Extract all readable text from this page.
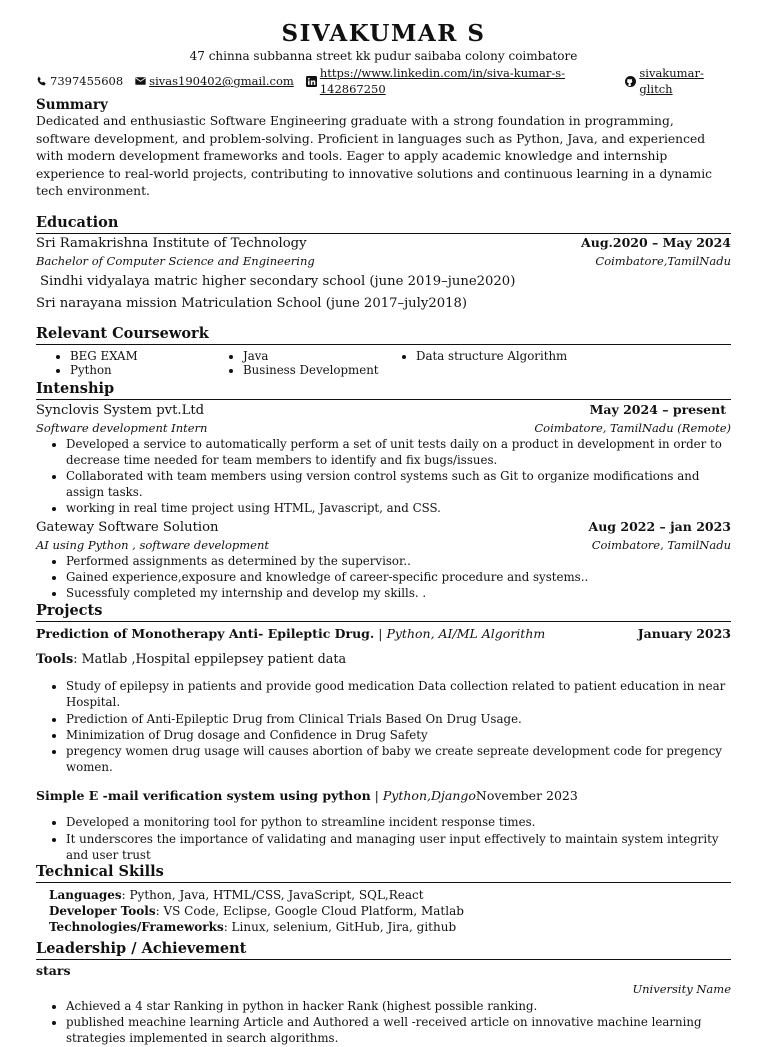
SIVAKUMAR S
47 chinna subbanna street kk pudur saibaba colony coimbatore
7397455608 sivas190402@gmail.com
https://www.linkedin.com/in/siva-kumar-s-142867250
sivakumar-glitch
Summary

Dedicated and enthusiastic Software Engineering graduate with a strong foundation in programming, software development, and problem-solving. Proficient in languages such as Python, Java, and experienced with modern development frameworks and tools. Eager to apply academic knowledge and internship experience to real-world projects, contributing to innovative solutions and continuous learning in a dynamic tech environment.

Education
Sri Ramakrishna Institute of Technology	Aug.2020 – May 2024
Bachelor of Computer Science and Engineering	Coimbatore,TamilNadu
Sindhi vidyalaya matric higher secondary school (june 2019–june2020)
Sri narayana mission Matriculation School (june 2017–july2018)
Relevant Coursework
• BEG EXAM
• Python
• Java
• Business Development
• Data structure Algorithm
Intenship
Synclovis System pvt.Ltd	May 2024 – present
Software development Intern	Coimbatore, TamilNadu (Remote)
• Developed a service to automatically perform a set of unit tests daily on a product in development in order to decrease time needed for team members to identify and fix bugs/issues.
• Collaborated with team members using version control systems such as Git to organize modifications and assign tasks.
• working in real time project using HTML, Javascript, and CSS.
Gateway Software Solution	Aug 2022 – jan 2023
AI using Python , software development	Coimbatore, TamilNadu
• Performed assignments as determined by the supervisor..
• Gained experience,exposure and knowledge of career-specific procedure and systems..
• Sucessfuly completed my internship and develop my skills. .
Projects
Prediction of Monotherapy Anti- Epileptic Drug. | Python, AI/ML Algorithm	January 2023
Tools: Matlab ,Hospital eppilepsey patient data
• Study of epilepsy in patients and provide good medication Data collection related to patient education in near Hospital.
• Prediction of Anti-Epileptic Drug from Clinical Trials Based On Drug Usage.
• Minimization of Drug dosage and Confidence in Drug Safety
• pregency women drug usage will causes abortion of baby we create sepreate development code for pregency women.
Simple E -mail verification system using python | Python,DjangoNovember 2023
• Developed a monitoring tool for python to streamline incident response times.
• It underscores the importance of validating and managing user input effectively to maintain system integrity and user trust
Technical Skills
Languages: Python, Java, HTML/CSS, JavaScript, SQL,React
Developer Tools: VS Code, Eclipse, Google Cloud Platform, Matlab
Technologies/Frameworks: Linux, selenium, GitHub, Jira, github
Leadership / Achievement
stars
University Name
• Achieved a 4 star Ranking in python in hacker Rank (highest possible ranking.
• published meachine learning Article and Authored a well -received article on innovative machine learning strategies implemented in search algorithms.
